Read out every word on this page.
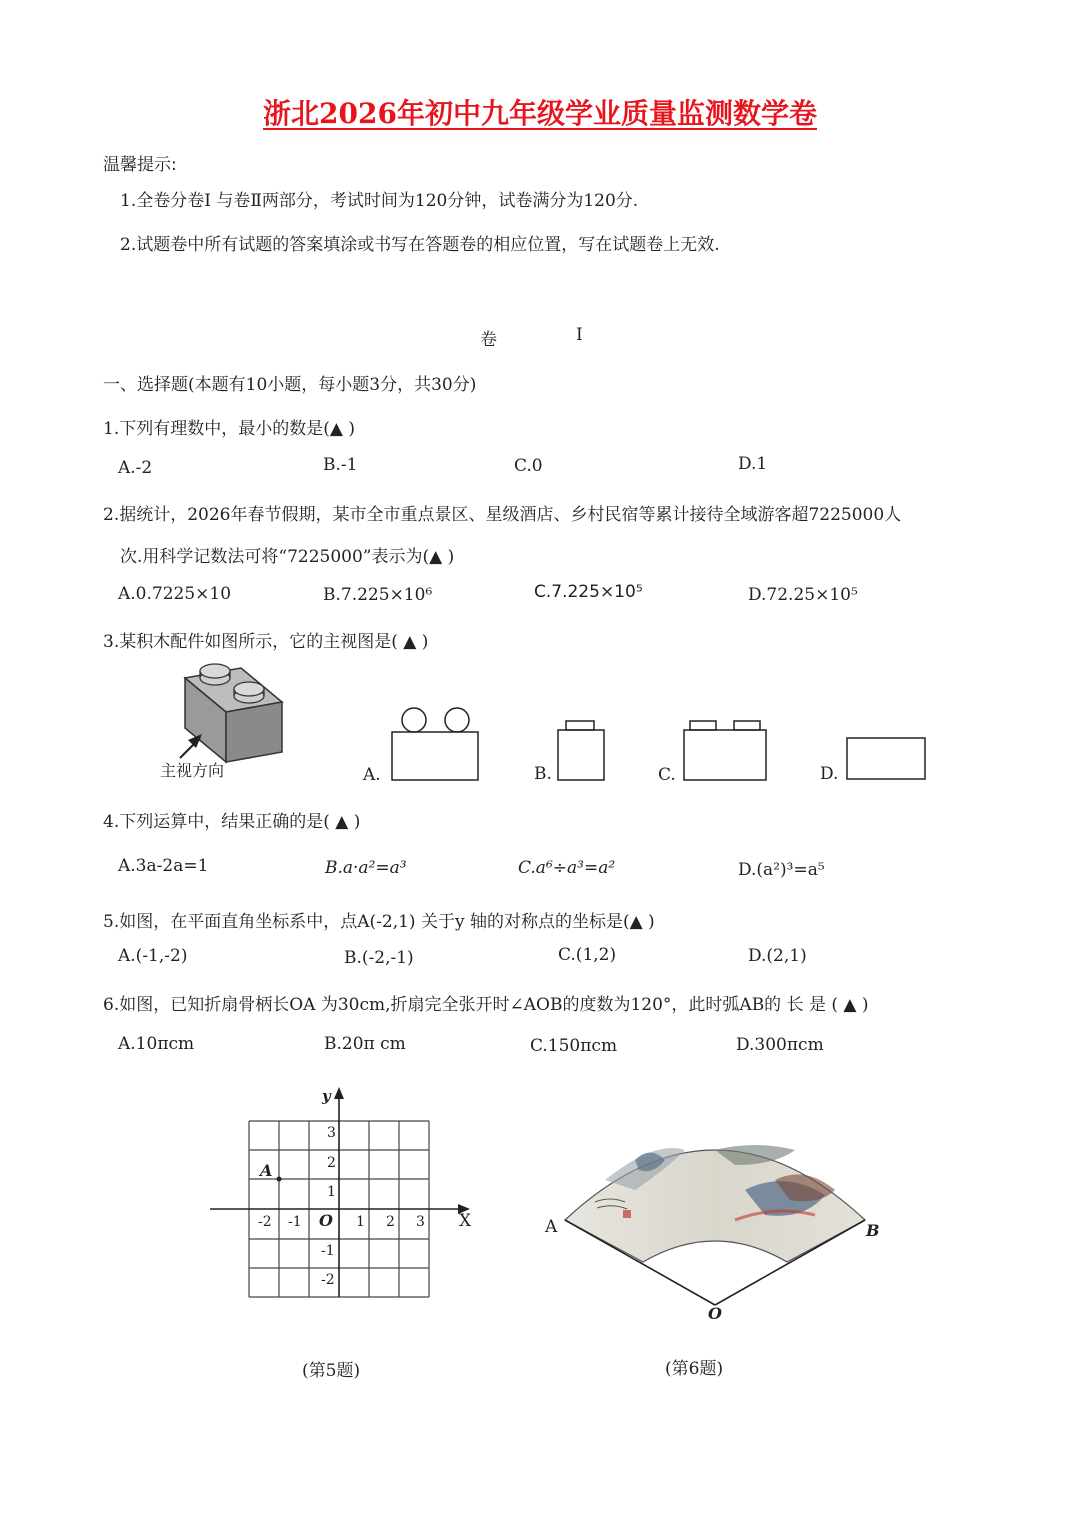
浙北2026年初中九年级学业质量监测数学卷
温馨提示:
1.全卷分卷I 与卷Ⅱ两部分，考试时间为120分钟，试卷满分为120分.
2.试题卷中所有试题的答案填涂或书写在答题卷的相应位置，写在试题卷上无效.
卷	I
一、选择题(本题有10小题，每小题3分，共30分)
1.下列有理数中，最小的数是(▲ )
A.-2	B.-1	C.0	D.1
2.据统计，2026年春节假期，某市全市重点景区、星级酒店、乡村民宿等累计接待全域游客超7225000人
次.用科学记数法可将“7225000”表示为(▲ )
A.0.7225×10	B.7.225×10⁶	C.7.225×10⁵	D.72.25×10⁵
3.某积木配件如图所示，它的主视图是( ▲ )
主视方向	A.	B.	C.	D.
4.下列运算中，结果正确的是( ▲ )
A.3a-2a=1	B.a·a²=a³	C.a⁶÷a³=a²	D.(a²)³=a⁵
5.如图，在平面直角坐标系中，点A(-2,1) 关于y 轴的对称点的坐标是(▲ )
A.(-1,-2)	B.(-2,-1)	C.(1,2)	D.(2,1)
6.如图，已知折扇骨柄长OA 为30cm,折扇完全张开时∠AOB的度数为120°，此时弧AB的 长 是 ( ▲ )
A.10πcm	B.20π cm	C.150πcm	D.300πcm
y
X
O
-2 -1	1 2 3
3
2
1
-1
-2
A
(第5题)
A	B
O
(第6题)
